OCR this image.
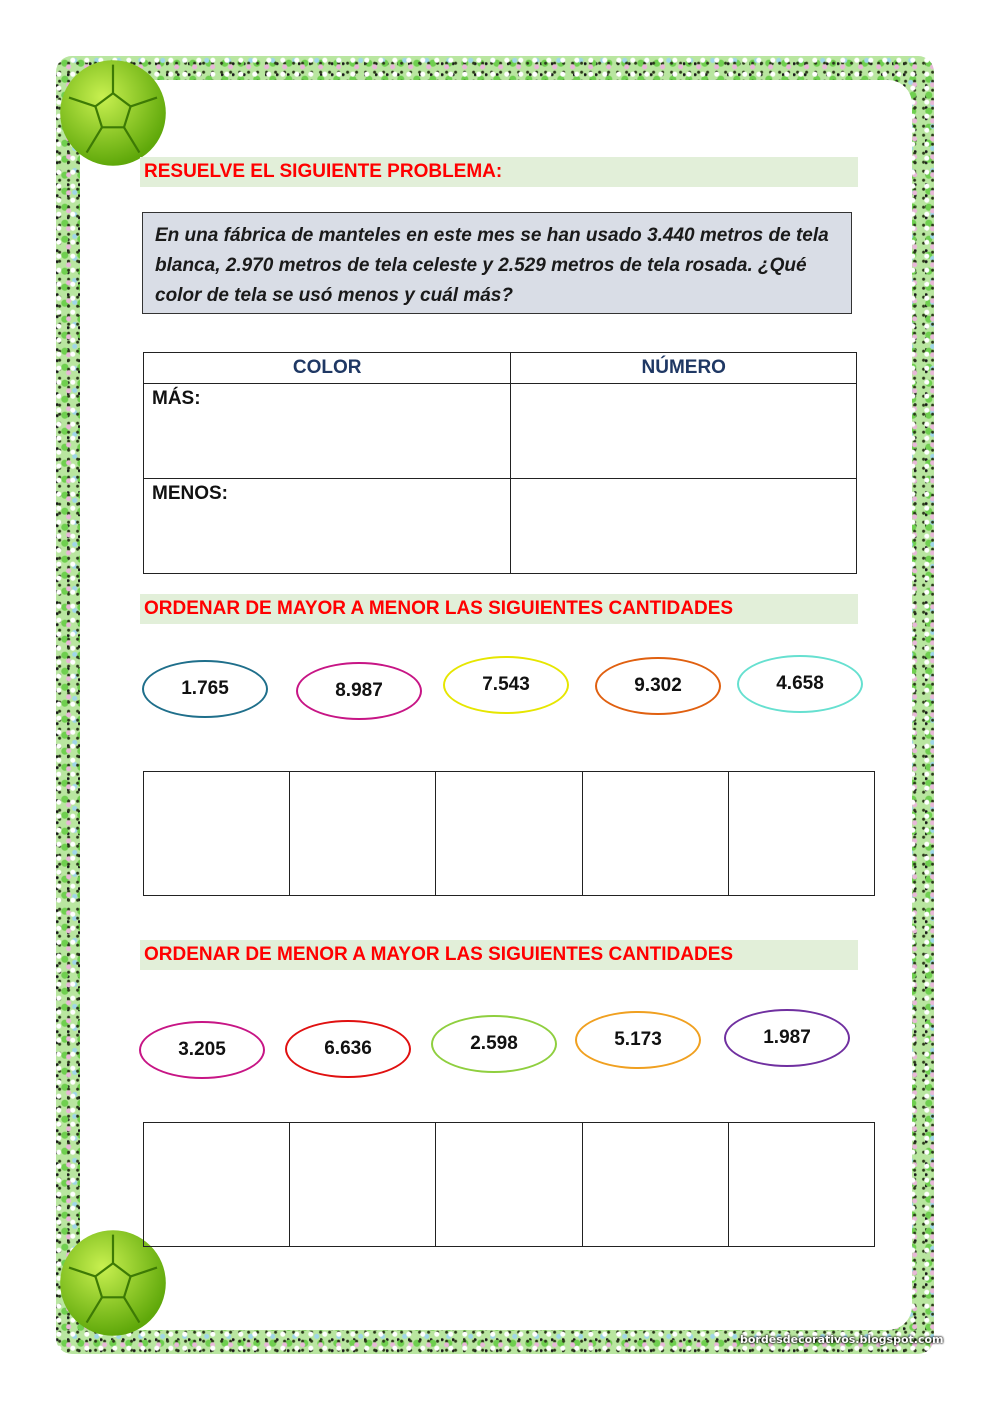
RESUELVE EL SIGUIENTE PROBLEMA:
En una fábrica de manteles en este mes se han usado 3.440 metros de tela blanca, 2.970 metros de tela celeste y 2.529 metros de tela rosada. ¿Qué color de tela se usó menos y cuál más?
COLOR	NÚMERO
MÁS:	
MENOS:	
ORDENAR DE MAYOR A MENOR LAS SIGUIENTES CANTIDADES
1.765	8.987	7.543	9.302	4.658

ORDENAR DE MENOR A MAYOR LAS SIGUIENTES CANTIDADES
3.205	6.636	2.598	5.173	1.987

bordesdecorativos.blogspot.com
